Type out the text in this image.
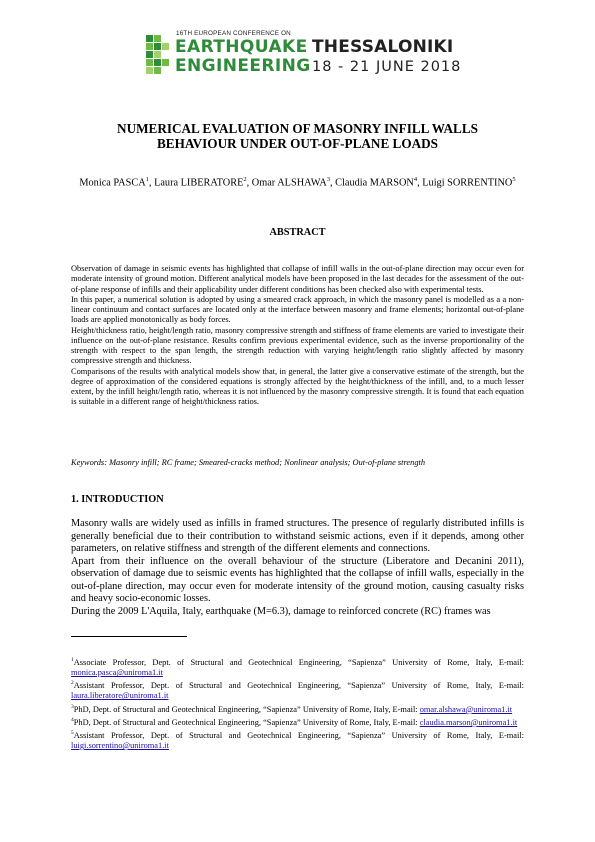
16TH EUROPEAN CONFERENCE ON
EARTHQUAKE
ENGINEERING
THESSALONIKI
18 - 21 JUNE 2018
NUMERICAL EVALUATION OF MASONRY INFILL WALLS
BEHAVIOUR UNDER OUT-OF-PLANE LOADS
Monica PASCA$^1$, Laura LIBERATORE$^2$, Omar ALSHAWA$^3$, Claudia MARSON$^4$, Luigi SORRENTINO$^5$
ABSTRACT

Observation of damage in seismic events has highlighted that collapse of infill walls in the out-of-plane direction may occur even for moderate intensity of ground motion. Different analytical models have been proposed in the last decades for the assessment of the out-of-plane response of infills and their applicability under different conditions has been checked also with experimental tests.

In this paper, a numerical solution is adopted by using a smeared crack approach, in which the masonry panel is modelled as a a non-linear continuum and contact surfaces are located only at the interface between masonry and frame elements; horizontal out-of-plane loads are applied monotonically as body forces.

Height/thickness ratio, height/length ratio, masonry compressive strength and stiffness of frame elements are varied to investigate their influence on the out-of-plane resistance. Results confirm previous experimental evidence, such as the inverse proportionality of the strength with respect to the span length, the strength reduction with varying height/length ratio slightly affected by masonry compressive strength and thickness.

Comparisons of the results with analytical models show that, in general, the latter give a conservative estimate of the strength, but the degree of approximation of the considered equations is strongly affected by the height/thickness of the infill, and, to a much lesser extent, by the infill height/length ratio, whereas it is not influenced by the masonry compressive strength. It is found that each equation is suitable in a different range of height/thickness ratios.

Keywords: Masonry infill; RC frame; Smeared-cracks method; Nonlinear analysis; Out-of-plane strength
1. INTRODUCTION

Masonry walls are widely used as infills in framed structures. The presence of regularly distributed infills is generally beneficial due to their contribution to withstand seismic actions, even if it depends, among other parameters, on relative stiffness and strength of the different elements and connections.

Apart from their influence on the overall behaviour of the structure (Liberatore and Decanini 2011), observation of damage due to seismic events has highlighted that the collapse of infill walls, especially in the out-of-plane direction, may occur even for moderate intensity of the ground motion, causing casualty risks and heavy socio-economic losses.

During the 2009 L'Aquila, Italy, earthquake (M=6.3), damage to reinforced concrete (RC) frames was

$^1$Associate Professor, Dept. of Structural and Geotechnical Engineering, “Sapienza” University of Rome, Italy, E-mail: monica.pasca@uniroma1.it

$^2$Assistant Professor, Dept. of Structural and Geotechnical Engineering, “Sapienza” University of Rome, Italy, E-mail: laura.liberatore@uniroma1.it

$^3$PhD, Dept. of Structural and Geotechnical Engineering, “Sapienza” University of Rome, Italy, E-mail: omar.alshawa@uniroma1.it

$^4$PhD, Dept. of Structural and Geotechnical Engineering, “Sapienza” University of Rome, Italy, E-mail: claudia.marson@uniroma1.it

$^5$Assistant Professor, Dept. of Structural and Geotechnical Engineering, “Sapienza” University of Rome, Italy, E-mail: luigi.sorrentino@uniroma1.it
